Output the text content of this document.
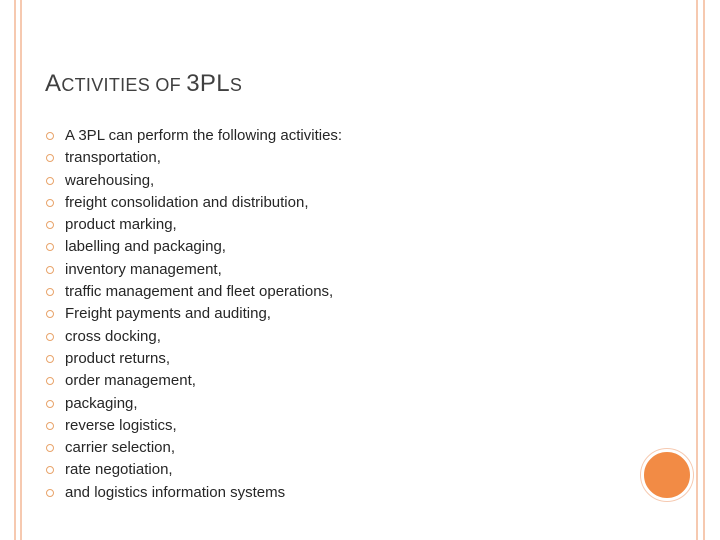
ACTIVITIES OF 3PLS
A 3PL can perform the following activities:
transportation,
warehousing,
freight consolidation and distribution,
product marking,
labelling and packaging,
inventory management,
traffic management and fleet operations,
Freight payments and auditing,
cross docking,
product returns,
order management,
packaging,
reverse logistics,
carrier selection,
rate negotiation,
and logistics information systems
